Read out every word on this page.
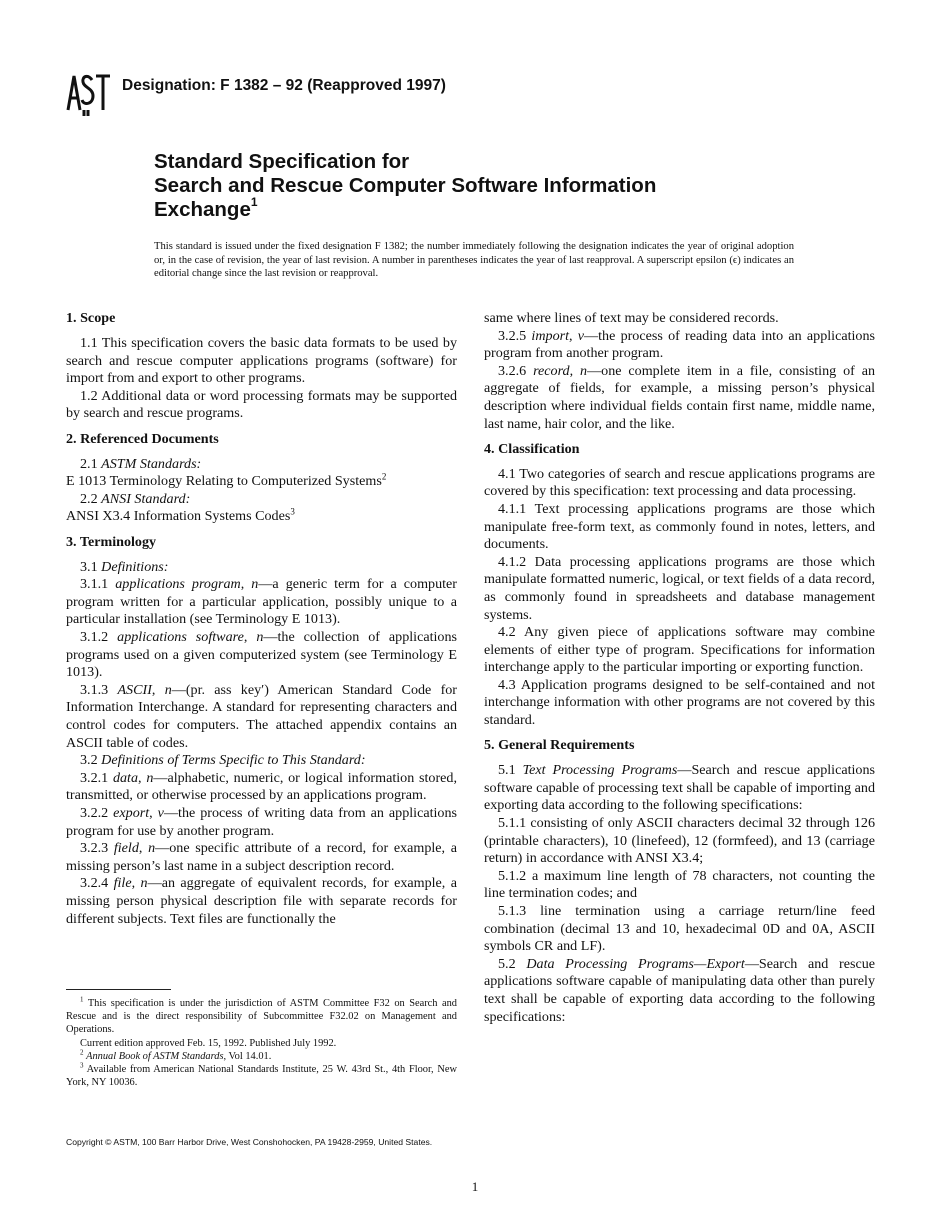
Designation: F 1382 – 92 (Reapproved 1997)
Standard Specification for
Search and Rescue Computer Software Information
Exchange$^1$
This standard is issued under the fixed designation F 1382; the number immediately following the designation indicates the year of original adoption or, in the case of revision, the year of last revision. A number in parentheses indicates the year of last reapproval. A superscript epsilon (ϵ) indicates an editorial change since the last revision or reapproval.
1. Scope

1.1 This specification covers the basic data formats to be used by search and rescue computer applications programs (software) for import from and export to other programs.

1.2 Additional data or word processing formats may be supported by search and rescue programs.

2. Referenced Documents

2.1 ASTM Standards:

E 1013 Terminology Relating to Computerized Systems$^2$

2.2 ANSI Standard:

ANSI X3.4 Information Systems Codes$^3$

3. Terminology

3.1 Definitions:

3.1.1 applications program, n—a generic term for a computer program written for a particular application, possibly unique to a particular installation (see Terminology E 1013).

3.1.2 applications software, n—the collection of applications programs used on a given computerized system (see Terminology E 1013).

3.1.3 ASCII, n—(pr. ass key′) American Standard Code for Information Interchange. A standard for representing characters and control codes for computers. The attached appendix contains an ASCII table of codes.

3.2 Definitions of Terms Specific to This Standard:

3.2.1 data, n—alphabetic, numeric, or logical information stored, transmitted, or otherwise processed by an applications program.

3.2.2 export, v—the process of writing data from an applications program for use by another program.

3.2.3 field, n—one specific attribute of a record, for example, a missing person’s last name in a subject description record.

3.2.4 file, n—an aggregate of equivalent records, for example, a missing person physical description file with separate records for different subjects. Text files are functionally the

$^1$ This specification is under the jurisdiction of ASTM Committee F32 on Search and Rescue and is the direct responsibility of Subcommittee F32.02 on Management and Operations.

Current edition approved Feb. 15, 1992. Published July 1992.

$^2$ Annual Book of ASTM Standards, Vol 14.01.

$^3$ Available from American National Standards Institute, 25 W. 43rd St., 4th Floor, New York, NY 10036.

same where lines of text may be considered records.

3.2.5 import, v—the process of reading data into an applications program from another program.

3.2.6 record, n—one complete item in a file, consisting of an aggregate of fields, for example, a missing person’s physical description where individual fields contain first name, middle name, last name, hair color, and the like.

4. Classification

4.1 Two categories of search and rescue applications programs are covered by this specification: text processing and data processing.

4.1.1 Text processing applications programs are those which manipulate free-form text, as commonly found in notes, letters, and documents.

4.1.2 Data processing applications programs are those which manipulate formatted numeric, logical, or text fields of a data record, as commonly found in spreadsheets and database management systems.

4.2 Any given piece of applications software may combine elements of either type of program. Specifications for information interchange apply to the particular importing or exporting function.

4.3 Application programs designed to be self-contained and not interchange information with other programs are not covered by this standard.

5. General Requirements

5.1 Text Processing Programs—Search and rescue applications software capable of processing text shall be capable of importing and exporting data according to the following specifications:

5.1.1 consisting of only ASCII characters decimal 32 through 126 (printable characters), 10 (linefeed), 12 (formfeed), and 13 (carriage return) in accordance with ANSI X3.4;

5.1.2 a maximum line length of 78 characters, not counting the line termination codes; and

5.1.3 line termination using a carriage return/line feed combination (decimal 13 and 10, hexadecimal 0D and 0A, ASCII symbols CR and LF).

5.2 Data Processing Programs—Export—Search and rescue applications software capable of manipulating data other than purely text shall be capable of exporting data according to the following specifications:

Copyright © ASTM, 100 Barr Harbor Drive, West Conshohocken, PA 19428-2959, United States.
1
